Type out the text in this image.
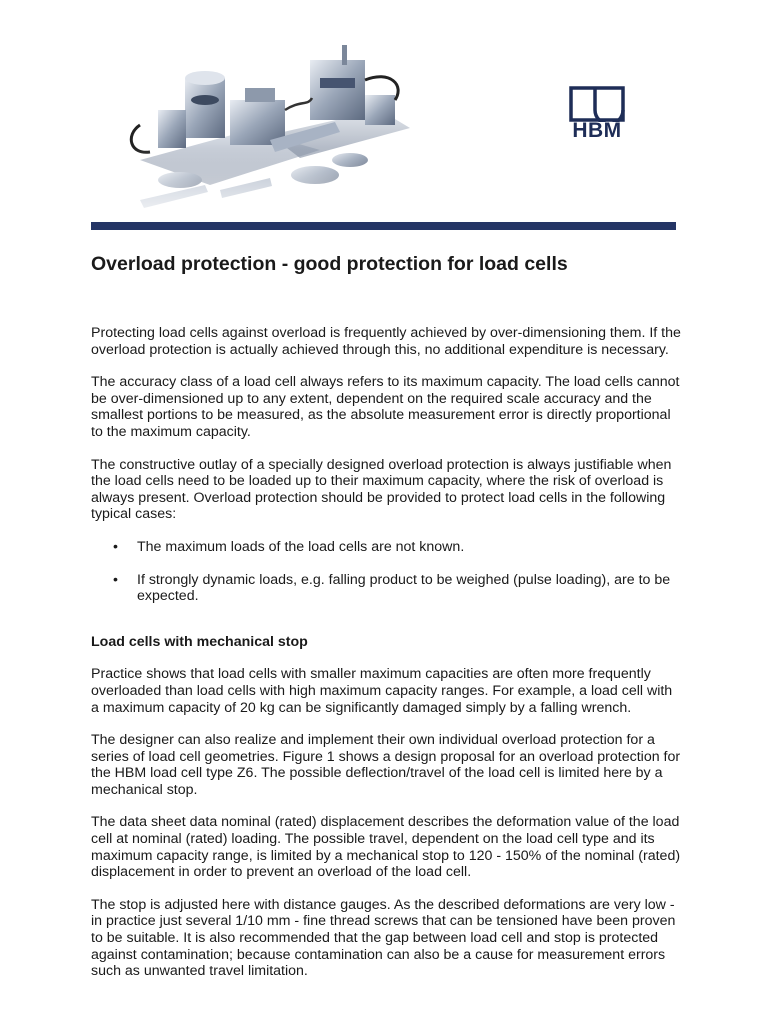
HBM
Overload protection - good protection for load cells

Protecting load cells against overload is frequently achieved by over-dimensioning them. If the overload protection is actually achieved through this, no additional expenditure is necessary.

The accuracy class of a load cell always refers to its maximum capacity. The load cells cannot be over-dimensioned up to any extent, dependent on the required scale accuracy and the smallest portions to be measured, as the absolute measurement error is directly proportional to the maximum capacity.

The constructive outlay of a specially designed overload protection is always justifiable when the load cells need to be loaded up to their maximum capacity, where the risk of overload is always present. Overload protection should be provided to protect load cells in the following typical cases:

• The maximum loads of the load cells are not known.
• If strongly dynamic loads, e.g. falling product to be weighed (pulse loading), are to be expected.
Load cells with mechanical stop

Practice shows that load cells with smaller maximum capacities are often more frequently overloaded than load cells with high maximum capacity ranges. For example, a load cell with a maximum capacity of 20 kg can be significantly damaged simply by a falling wrench.

The designer can also realize and implement their own individual overload protection for a series of load cell geometries. Figure 1 shows a design proposal for an overload protection for the HBM load cell type Z6. The possible deflection/travel of the load cell is limited here by a mechanical stop.

The data sheet data nominal (rated) displacement describes the deformation value of the load cell at nominal (rated) loading. The possible travel, dependent on the load cell type and its maximum capacity range, is limited by a mechanical stop to 120 - 150% of the nominal (rated) displacement in order to prevent an overload of the load cell.

The stop is adjusted here with distance gauges. As the described deformations are very low - in practice just several 1/10 mm - fine thread screws that can be tensioned have been proven to be suitable. It is also recommended that the gap between load cell and stop is protected against contamination; because contamination can also be a cause for measurement errors such as unwanted travel limitation.
